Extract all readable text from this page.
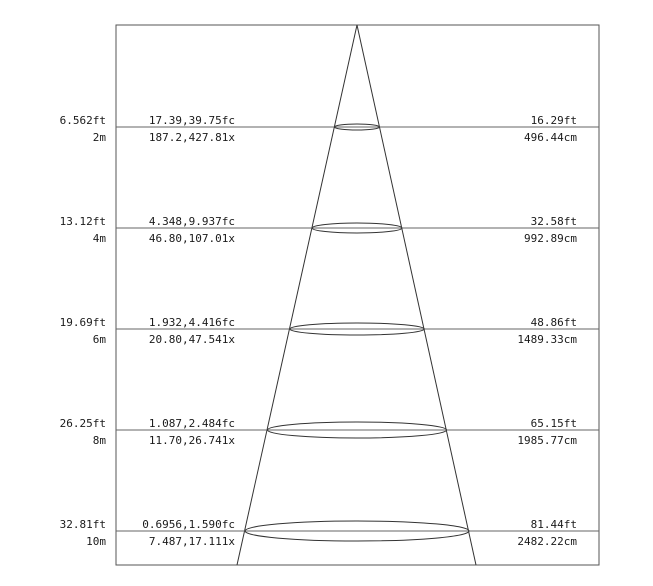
6.562ft
2m
17.39,39.75fc
187.2,427.81x
16.29ft
496.44cm
13.12ft
4m
4.348,9.937fc
46.80,107.01x
32.58ft
992.89cm
19.69ft
6m
1.932,4.416fc
20.80,47.541x
48.86ft
1489.33cm
26.25ft
8m
1.087,2.484fc
11.70,26.741x
65.15ft
1985.77cm
32.81ft
10m
0.6956,1.590fc
7.487,17.111x
81.44ft
2482.22cm
